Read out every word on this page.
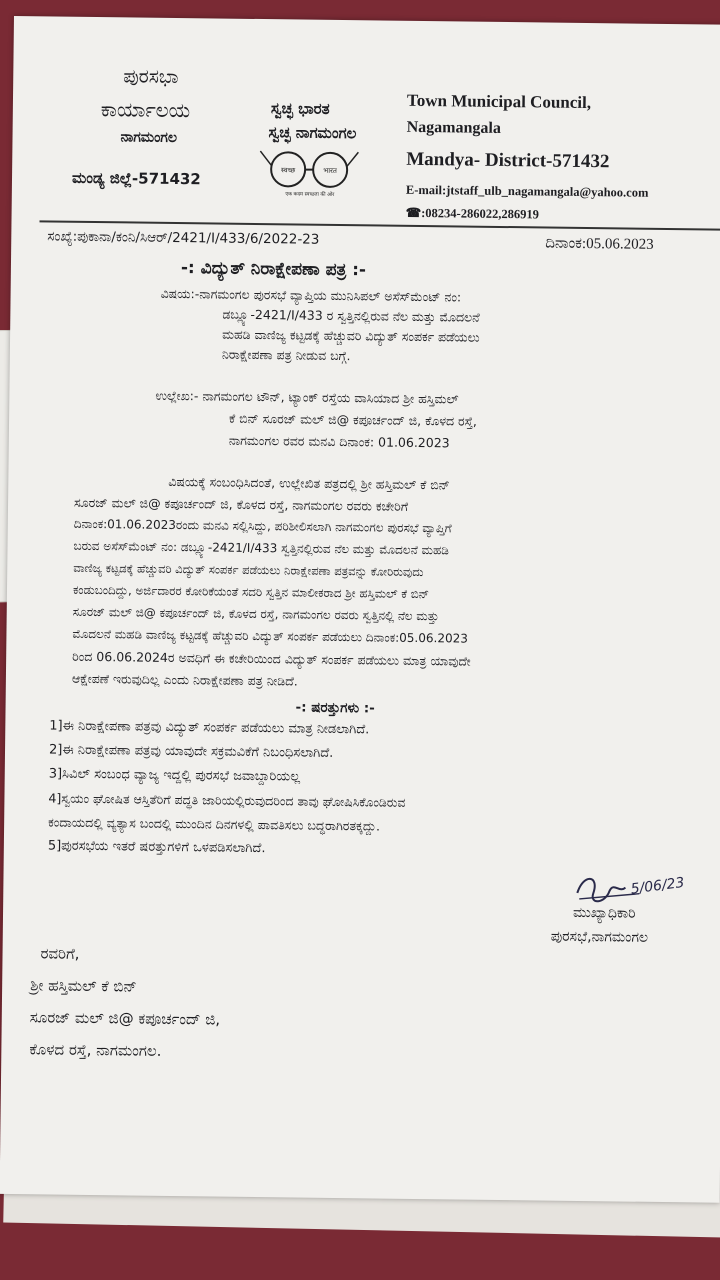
ಪುರಸಭಾ
ಕಾರ್ಯಾಲಯ
ನಾಗಮಂಗಲ
ಮಂಡ್ಯ ಜಿಲ್ಲೆ-571432
ಸ್ವಚ್ಛ ಭಾರತ
ಸ್ವಚ್ಛ ನಾಗಮಂಗಲ
स्वच्छ	भारत
एक कदम स्वच्छता की ओर
Town Municipal Council,
Nagamangala
Mandya- District-571432
E-mail:jtstaff_ulb_nagamangala@yahoo.com
☎:08234-286022,286919
ಸಂಖ್ಯೆ:ಪುಕಾನಾ/ಕಂನಿ/ಸಿಆರ್/2421/I/433/6/2022-23	ದಿನಾಂಕ:05.06.2023
-: ವಿದ್ಯುತ್ ನಿರಾಕ್ಷೇಪಣಾ ಪತ್ರ :-
ವಿಷಯ:-ನಾಗಮಂಗಲ ಪುರಸಭೆ ವ್ಯಾಪ್ತಿಯ ಮುನಿಸಿಪಲ್ ಅಸೆಸ್‌ಮೆಂಟ್ ನಂ:
ಡಬ್ಲ್ಯೂ-2421/I/433 ರ ಸ್ವತ್ತಿನಲ್ಲಿರುವ ನೆಲ ಮತ್ತು ಮೊದಲನೆ
ಮಹಡಿ ವಾಣಿಜ್ಯ ಕಟ್ಟಡಕ್ಕೆ ಹೆಚ್ಚುವರಿ ವಿದ್ಯುತ್ ಸಂಪರ್ಕ ಪಡೆಯಲು
ನಿರಾಕ್ಷೇಪಣಾ ಪತ್ರ ನೀಡುವ ಬಗ್ಗೆ.
ಉಲ್ಲೇಖ:- ನಾಗಮಂಗಲ ಟೌನ್, ಟ್ಯಾಂಕ್ ರಸ್ತೆಯ ವಾಸಿಯಾದ ಶ್ರೀ ಹಸ್ತಿಮಲ್
ಕೆ ಬಿನ್ ಸೂರಜ್ ಮಲ್ ಜಿ@ ಕಪೂರ್ಚಂದ್ ಜಿ, ಕೊಳದ ರಸ್ತೆ,
ನಾಗಮಂಗಲ ರವರ ಮನವಿ ದಿನಾಂಕ: 01.06.2023
ವಿಷಯಕ್ಕೆ ಸಂಬಂಧಿಸಿದಂತೆ, ಉಲ್ಲೇಖಿತ ಪತ್ರದಲ್ಲಿ ಶ್ರೀ ಹಸ್ತಿಮಲ್ ಕೆ ಬಿನ್
ಸೂರಜ್ ಮಲ್ ಜಿ@ ಕಪೂರ್ಚಂದ್ ಜಿ, ಕೊಳದ ರಸ್ತೆ, ನಾಗಮಂಗಲ ರವರು ಕಚೇರಿಗೆ
ದಿನಾಂಕ:01.06.2023ರಂದು ಮನವಿ ಸಲ್ಲಿಸಿದ್ದು, ಪರಿಶೀಲಿಸಲಾಗಿ ನಾಗಮಂಗಲ ಪುರಸಭೆ ವ್ಯಾಪ್ತಿಗೆ
ಬರುವ ಅಸೆಸ್‌ಮೆಂಟ್ ನಂ: ಡಬ್ಲ್ಯೂ-2421/I/433 ಸ್ವತ್ತಿನಲ್ಲಿರುವ ನೆಲ ಮತ್ತು ಮೊದಲನೆ ಮಹಡಿ
ವಾಣಿಜ್ಯ ಕಟ್ಟಡಕ್ಕೆ ಹೆಚ್ಚುವರಿ ವಿದ್ಯುತ್ ಸಂಪರ್ಕ ಪಡೆಯಲು ನಿರಾಕ್ಷೇಪಣಾ ಪತ್ರವನ್ನು ಕೋರಿರುವುದು
ಕಂಡುಬಂದಿದ್ದು, ಅರ್ಜಿದಾರರ ಕೋರಿಕೆಯಂತೆ ಸದರಿ ಸ್ವತ್ತಿನ ಮಾಲೀಕರಾದ ಶ್ರೀ ಹಸ್ತಿಮಲ್ ಕೆ ಬಿನ್
ಸೂರಜ್ ಮಲ್ ಜಿ@ ಕಪೂರ್ಚಂದ್ ಜಿ, ಕೊಳದ ರಸ್ತೆ, ನಾಗಮಂಗಲ ರವರು ಸ್ವತ್ತಿನಲ್ಲಿ ನೆಲ ಮತ್ತು
ಮೊದಲನೆ ಮಹಡಿ ವಾಣಿಜ್ಯ ಕಟ್ಟಡಕ್ಕೆ ಹೆಚ್ಚುವರಿ ವಿದ್ಯುತ್ ಸಂಪರ್ಕ ಪಡೆಯಲು ದಿನಾಂಕ:05.06.2023
ರಿಂದ 06.06.2024ರ ಅವಧಿಗೆ ಈ ಕಚೇರಿಯಿಂದ ವಿದ್ಯುತ್ ಸಂಪರ್ಕ ಪಡೆಯಲು ಮಾತ್ರ ಯಾವುದೇ
ಆಕ್ಷೇಪಣೆ ಇರುವುದಿಲ್ಲ ಎಂದು ನಿರಾಕ್ಷೇಪಣಾ ಪತ್ರ ನೀಡಿದೆ.
-: ಷರತ್ತುಗಳು :-
1]ಈ ನಿರಾಕ್ಷೇಪಣಾ ಪತ್ರವು ವಿದ್ಯುತ್ ಸಂಪರ್ಕ ಪಡೆಯಲು ಮಾತ್ರ ನೀಡಲಾಗಿದೆ.
2]ಈ ನಿರಾಕ್ಷೇಪಣಾ ಪತ್ರವು ಯಾವುದೇ ಸಕ್ರಮವಿಕೆಗೆ ನಿಬಂಧಿಸಲಾಗಿದೆ.
3]ಸಿವಿಲ್ ಸಂಬಂಧ ವ್ಯಾಜ್ಯ ಇದ್ದಲ್ಲಿ ಪುರಸಭೆ ಜವಾಬ್ದಾರಿಯಲ್ಲ
4]ಸ್ವಯಂ ಘೋಷಿತ ಆಸ್ತಿತೆರಿಗೆ ಪದ್ಧತಿ ಜಾರಿಯಲ್ಲಿರುವುದರಿಂದ ತಾವು ಘೋಷಿಸಿಕೊಂಡಿರುವ
ಕಂದಾಯದಲ್ಲಿ ವ್ಯತ್ಯಾಸ ಬಂದಲ್ಲಿ ಮುಂದಿನ ದಿನಗಳಲ್ಲಿ ಪಾವತಿಸಲು ಬದ್ಧರಾಗಿರತಕ್ಕದ್ದು.
5]ಪುರಸಭೆಯ ಇತರೆ ಷರತ್ತುಗಳಿಗೆ ಒಳಪಡಿಸಲಾಗಿದೆ.
5/06/23
ಮುಖ್ಯಾಧಿಕಾರಿ
ಪುರಸಭೆ,ನಾಗಮಂಗಲ
ರವರಿಗೆ,
ಶ್ರೀ ಹಸ್ತಿಮಲ್ ಕೆ ಬಿನ್
ಸೂರಜ್ ಮಲ್ ಜಿ@ ಕಪೂರ್ಚಂದ್ ಜಿ,
ಕೊಳದ ರಸ್ತೆ, ನಾಗಮಂಗಲ.
